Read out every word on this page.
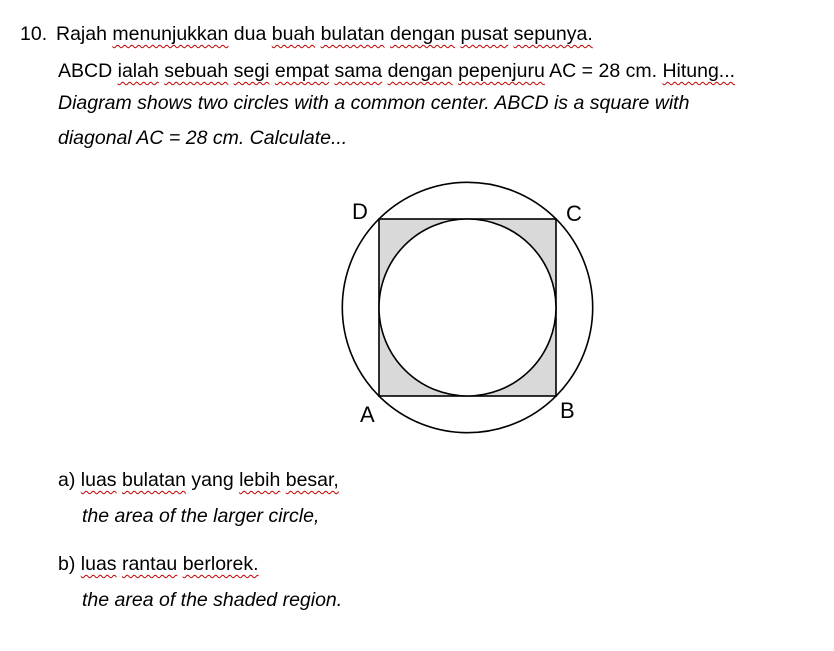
10. Rajah menunjukkan dua buah bulatan dengan pusat sepunya.
ABCD ialah sebuah segi empat sama dengan pepenjuru AC = 28 cm. Hitung...
Diagram shows two circles with a common center. ABCD is a square with
diagonal AC = 28 cm. Calculate...
D	C
A	B
a) luas bulatan yang lebih besar,
the area of the larger circle,
b) luas rantau berlorek.
the area of the shaded region.
